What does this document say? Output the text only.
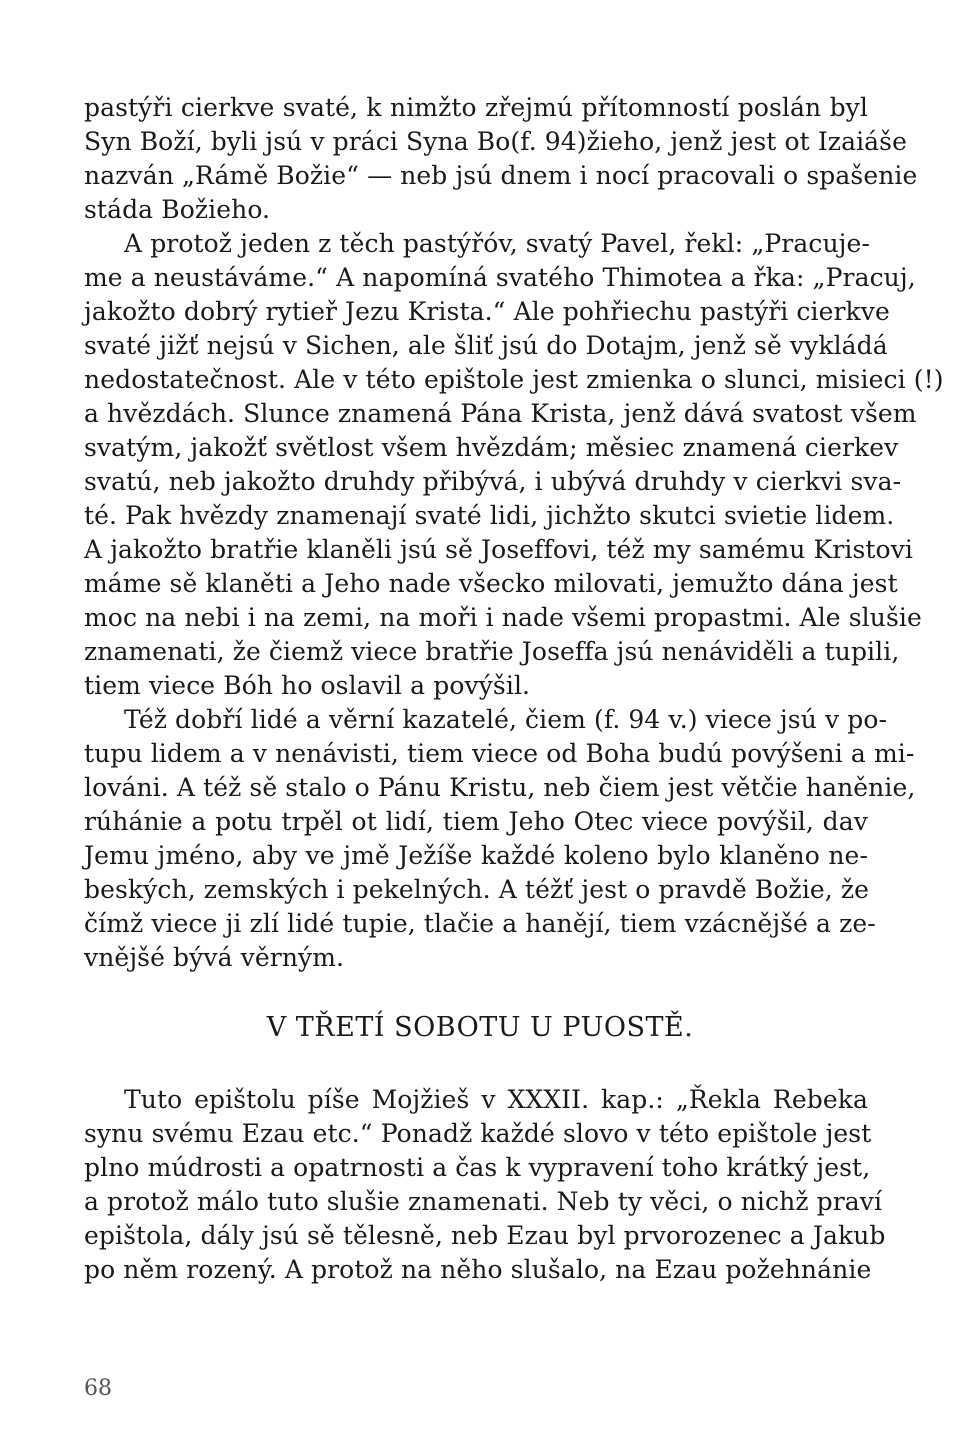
pastýři cierkve svaté, k nimžto zřejmú přítomností poslán byl
Syn Boží, byli jsú v práci Syna Bo(f. 94)žieho, jenž jest ot Izaiáše
nazván „Rámě Božie“ — neb jsú dnem i nocí pracovali o spašenie
stáda Božieho.
A protož jeden z těch pastýřóv, svatý Pavel, řekl: „Pracuje-
me a neustáváme.“ A napomíná svatého Thimotea a řka: „Pracuj,
jakožto dobrý rytieř Jezu Krista.“ Ale pohřiechu pastýři cierkve
svaté jižť nejsú v Sichen, ale šliť jsú do Dotajm, jenž sě vykládá
nedostatečnost. Ale v této epištole jest zmienka o slunci, misieci (!)
a hvězdách. Slunce znamená Pána Krista, jenž dává svatost všem
svatým, jakožť světlost všem hvězdám; měsiec znamená cierkev
svatú, neb jakožto druhdy přibývá, i ubývá druhdy v cierkvi sva-
té. Pak hvězdy znamenají svaté lidi, jichžto skutci svietie lidem.
A jakožto bratřie klaněli jsú sě Joseffovi, též my samému Kristovi
máme sě klaněti a Jeho nade všecko milovati, jemužto dána jest
moc na nebi i na zemi, na moři i nade všemi propastmi. Ale slušie
znamenati, že čiemž viece bratřie Joseffa jsú nenáviděli a tupili,
tiem viece Bóh ho oslavil a povýšil.
Též dobří lidé a věrní kazatelé, čiem (f. 94 v.) viece jsú v po-
tupu lidem a v nenávisti, tiem viece od Boha budú povýšeni a mi-
lováni. A též sě stalo o Pánu Kristu, neb čiem jest větčie haněnie,
rúhánie a potu trpěl ot lidí, tiem Jeho Otec viece povýšil, dav
Jemu jméno, aby ve jmě Ježíše každé koleno bylo klaněno ne-
beských, zemských i pekelných. A téžť jest o pravdě Božie, že
čímž viece ji zlí lidé tupie, tlačie a hanějí, tiem vzácnějšé a ze-
vnějšé bývá věrným.
V TŘETÍ SOBOTU U PUOSTĚ.
Tuto epištolu píše Mojžieš v XXXII. kap.: „Řekla Rebeka
synu svému Ezau etc.“ Ponadž každé slovo v této epištole jest
plno múdrosti a opatrnosti a čas k vypravení toho krátký jest,
a protož málo tuto slušie znamenati. Neb ty věci, o nichž praví
epištola, dály jsú sě tělesně, neb Ezau byl prvorozenec a Jakub
po něm rozený. A protož na něho slušalo, na Ezau požehnánie
68
